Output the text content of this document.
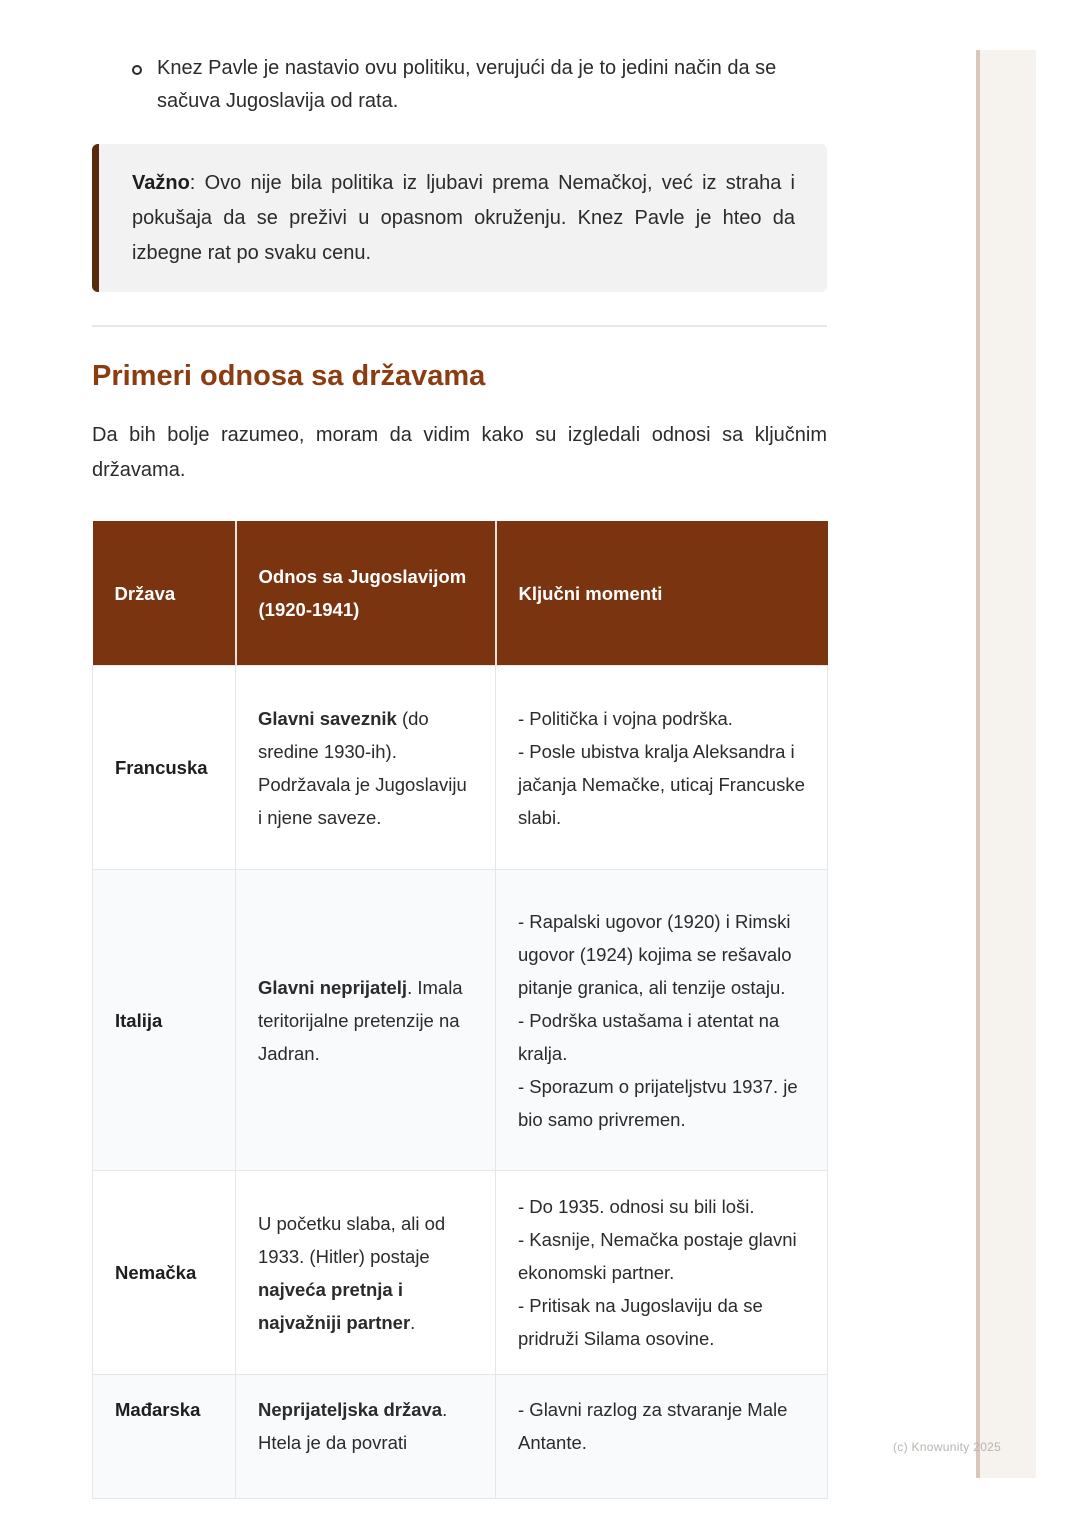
(c) Knowunity 2025
Knez Pavle je nastavio ovu politiku, verujući da je to jedini način da se
sačuva Jugoslavija od rata.
Važno: Ovo nije bila politika iz ljubavi prema Nemačkoj, već iz straha i pokušaja da se preživi u opasnom okruženju. Knez Pavle je hteo da izbegne rat po svaku cenu.
Primeri odnosa sa državama
Da bih bolje razumeo, moram da vidim kako su izgledali odnosi sa ključnim državama.
Država	Odnos sa Jugoslavijom (1920-1941)	Ključni momenti
Francuska	Glavni saveznik (do sredine 1930-ih). Podržavala je Jugoslaviju i njene saveze.	- Politička i vojna podrška.
- Posle ubistva kralja Aleksandra i jačanja Nemačke, uticaj Francuske slabi.

Italija	Glavni neprijatelj. Imala teritorijalne pretenzije na Jadran.	- Rapalski ugovor (1920) i Rimski ugovor (1924) kojima se rešavalo pitanje granica, ali tenzije ostaju.
- Podrška ustašama i atentat na kralja.
- Sporazum o prijateljstvu 1937. je bio samo privremen.

Nemačka	U početku slaba, ali od 1933. (Hitler) postaje najveća pretnja i najvažniji partner.	- Do 1935. odnosi su bili loši.
- Kasnije, Nemačka postaje glavni ekonomski partner.
- Pritisak na Jugoslaviju da se pridruži Silama osovine.

Mađarska	Neprijateljska država. Htela je da povrati	- Glavni razlog za stvaranje Male Antante.
